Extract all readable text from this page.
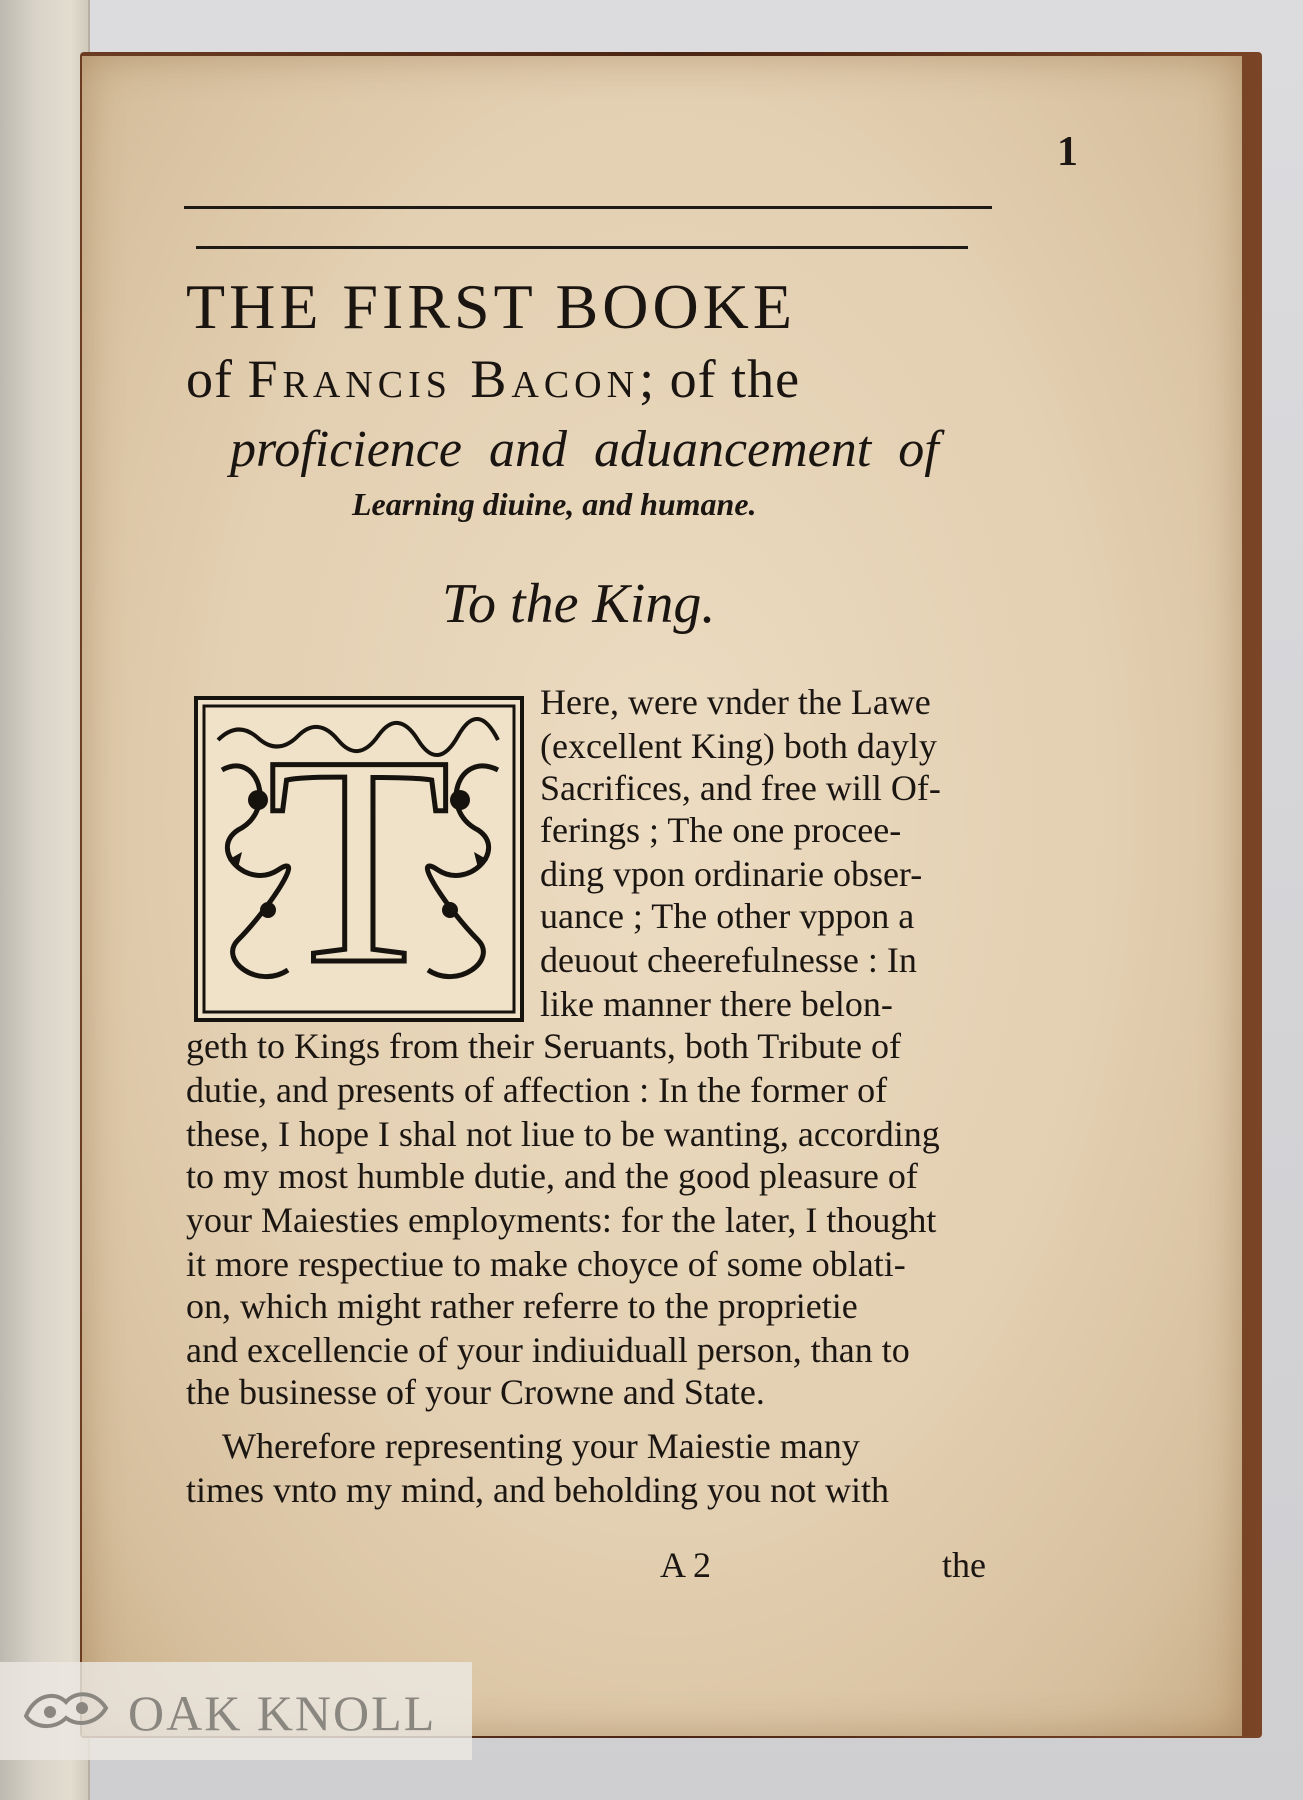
1
THE FIRST BOOKE
of Francis Bacon; of the
proficience and aduancement of
Learning diuine, and humane.
To the King.
T	Here, were vnder the Lawe
(excellent King) both dayly
Sacrifices, and free will Of-
ferings ; The one procee-
ding vpon ordinarie obser-
uance ; The other vppon a
deuout cheerefulnesse : In
like manner there belon-
geth to Kings from their Seruants, both Tribute of
dutie, and presents of affection : In the former of
these, I hope I shal not liue to be wanting, according
to my most humble dutie, and the good pleasure of
your Maiesties employments: for the later, I thought
it more respectiue to make choyce of some oblati-
on, which might rather referre to the proprietie
and excellencie of your indiuiduall person, than to
the businesse of your Crowne and State.
Wherefore representing your Maiestie many
times vnto my mind, and beholding you not with
A 2	the
OAK KNOLL
